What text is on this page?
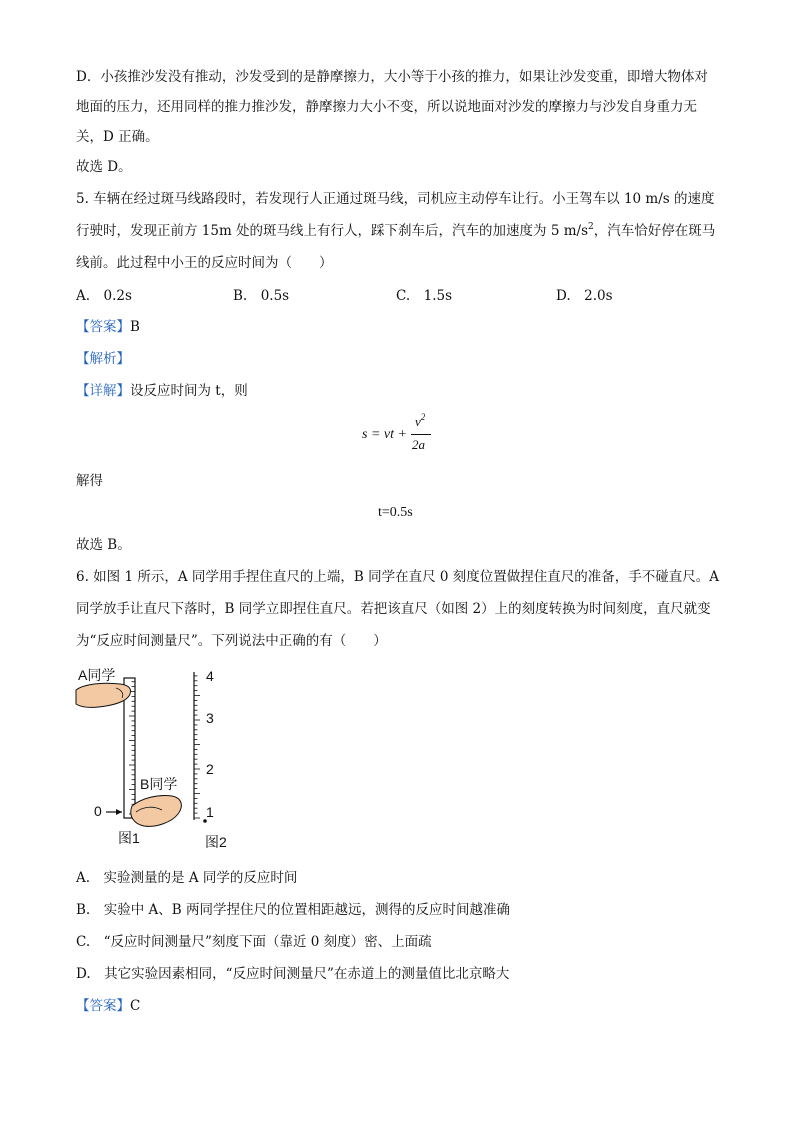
D．小孩推沙发没有推动，沙发受到的是静摩擦力，大小等于小孩的推力，如果让沙发变重，即增大物体对
地面的压力，还用同样的推力推沙发，静摩擦力大小不变，所以说地面对沙发的摩擦力与沙发自身重力无
关，D 正确。
故选 D。
5. 车辆在经过斑马线路段时，若发现行人正通过斑马线，司机应主动停车让行。小王驾车以 10 m/s 的速度
行驶时，发现正前方 15m 处的斑马线上有行人，踩下刹车后，汽车的加速度为 5 $m/s^2$，汽车恰好停在斑马
线前。此过程中小王的反应时间为（　　）
A.　0.2s	B.　0.5s	C.　1.5s	D.　2.0s
【答案】B
【解析】
【详解】设反应时间为 t，则
s = vt +
$v^2$
2a
解得
t=0.5s
故选 B。
6. 如图 1 所示，A 同学用手捏住直尺的上端，B 同学在直尺 0 刻度位置做捏住直尺的准备，手不碰直尺。A
同学放手让直尺下落时，B 同学立即捏住直尺。若把该直尺（如图 2）上的刻度转换为时间刻度，直尺就变
为“反应时间测量尺”。下列说法中正确的有（　　）
A同学
B同学
0
图1	图2
4
3
2
1
A.　实验测量的是 A 同学的反应时间
B.　实验中 A、B 两同学捏住尺的位置相距越远，测得的反应时间越准确
C.　“反应时间测量尺”刻度下面（靠近 0 刻度）密、上面疏
D.　其它实验因素相同，“反应时间测量尺”在赤道上的测量值比北京略大
【答案】C
